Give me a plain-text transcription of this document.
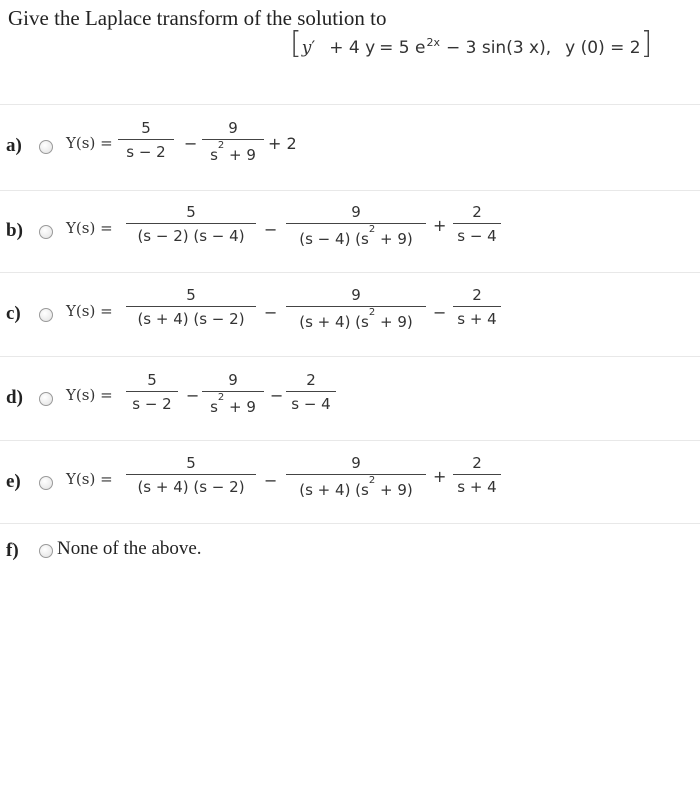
Give the Laplace transform of the solution to
[ y ′ + 4 y = 5 $e^{2x} - 3$ sin(3 x), y (0) = 2 ]
a)	Y(s) =
5
s − 2	−
9
$s^2 + 9$
+ 2
b)	Y(s) =
5
(s − 2) (s − 4)	−
9
(s − 4) $(s^2 + 9)$
+
2
s − 4
c)	Y(s) =
5
(s + 4) (s − 2)	−
9
(s + 4) $(s^2 + 9)$	−
2
s + 4
d)	Y(s) =
5
s − 2 −
9
$s^2 + 9$
−
2
s − 4
e)	Y(s) =
5
(s + 4) (s − 2)	−
9
(s + 4) $(s^2 + 9)$
+
2
s + 4
f) None of the above.
